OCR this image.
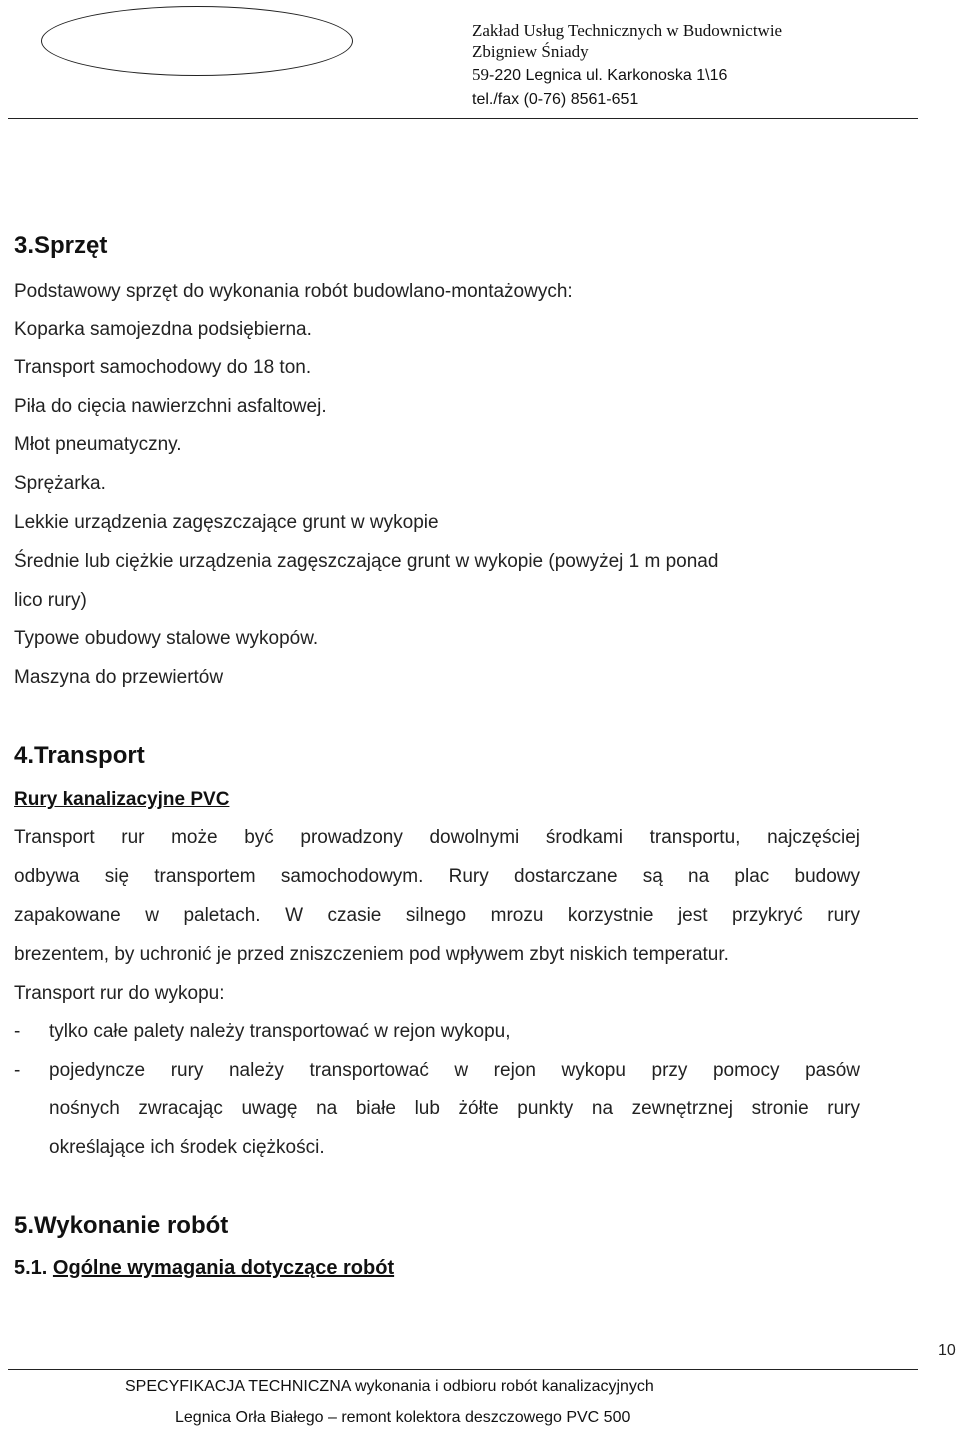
Zakład Usług Technicznych w Budownictwie
Zbigniew Śniady
59-220 Legnica ul. Karkonoska 1\16
tel./fax (0-76) 8561-651
3.Sprzęt
Podstawowy sprzęt do wykonania robót budowlano-montażowych:
Koparka samojezdna podsiębierna.
Transport samochodowy do 18 ton.
Piła do cięcia nawierzchni asfaltowej.
Młot pneumatyczny.
Sprężarka.
Lekkie urządzenia zagęszczające grunt w wykopie
Średnie lub ciężkie urządzenia zagęszczające grunt w wykopie (powyżej 1 m ponad
lico rury)
Typowe obudowy stalowe wykopów.
Maszyna do przewiertów
4.Transport
Rury kanalizacyjne PVC
Transport rur może być prowadzony dowolnymi środkami transportu, najczęściej
odbywa się transportem samochodowym. Rury dostarczane są na plac budowy
zapakowane w paletach. W czasie silnego mrozu korzystnie jest przykryć rury
brezentem, by uchronić je przed zniszczeniem pod wpływem zbyt niskich temperatur.
Transport rur do wykopu:
- tylko całe palety należy transportować w rejon wykopu,
- pojedyncze rury należy transportować w rejon wykopu przy pomocy pasów
nośnych zwracając uwagę na białe lub żółte punkty na zewnętrznej stronie rury
określające ich środek ciężkości.
5.Wykonanie robót
5.1. Ogólne wymagania dotyczące robót
10
SPECYFIKACJA TECHNICZNA wykonania i odbioru robót kanalizacyjnych
Legnica Orła Białego – remont kolektora deszczowego PVC 500
